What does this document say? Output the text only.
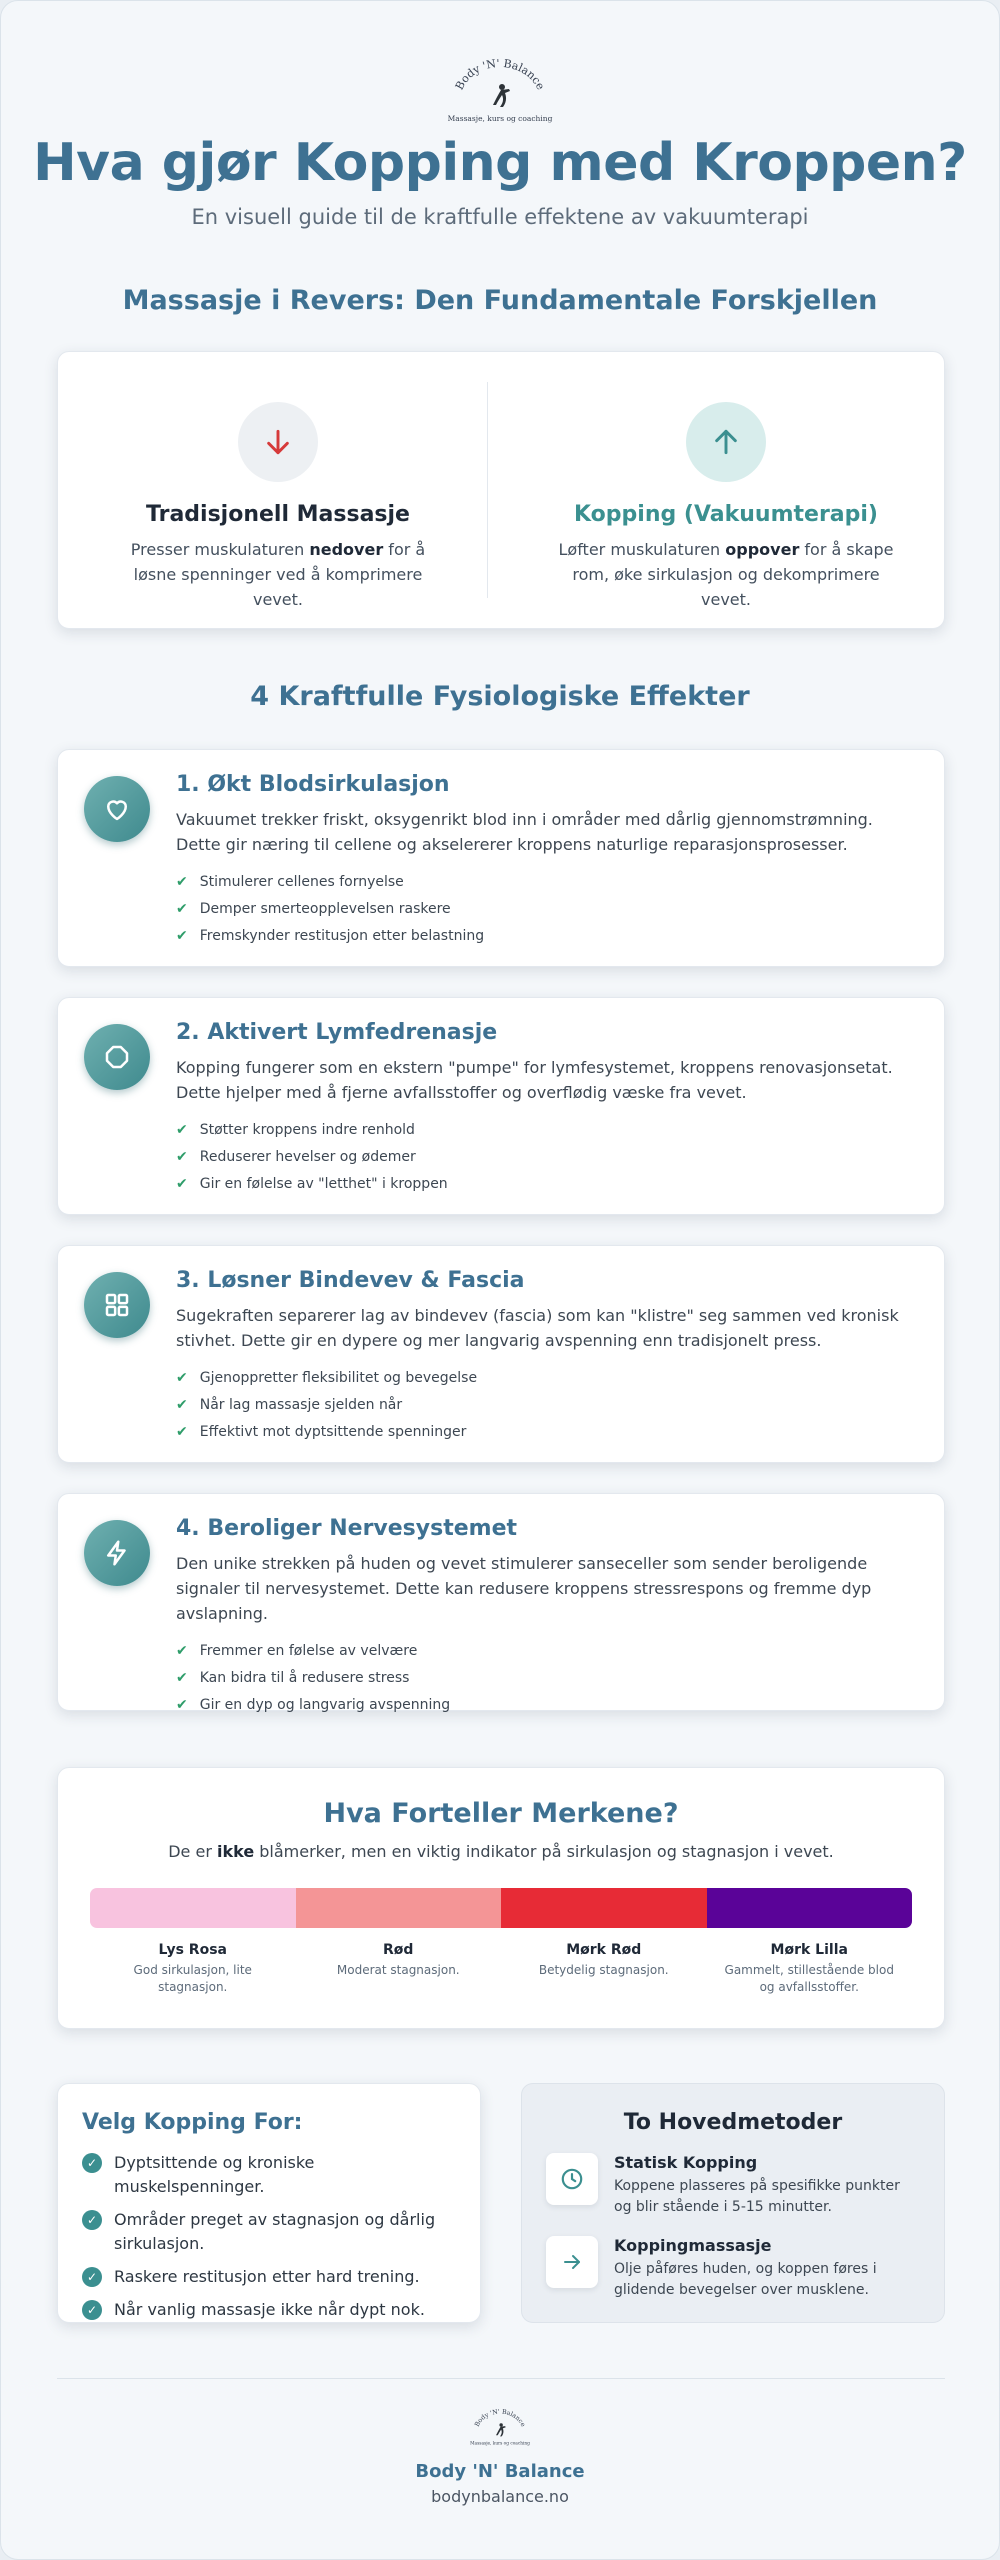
Body 'N' Balance
Massasje, kurs og coaching
Hva gjør Kopping med Kroppen?
En visuell guide til de kraftfulle effektene av vakuumterapi
Massasje i Revers: Den Fundamentale Forskjellen
Tradisjonell Massasje
Presser muskulaturen nedover for å løsne spenninger ved å komprimere vevet.
Kopping (Vakuumterapi)
Løfter muskulaturen oppover for å skape rom, øke sirkulasjon og dekomprimere vevet.
4 Kraftfulle Fysiologiske Effekter
1. Økt Blodsirkulasjon
Vakuumet trekker friskt, oksygenrikt blod inn i områder med dårlig gjennomstrømning. Dette gir næring til cellene og akselererer kroppens naturlige reparasjonsprosesser.
✔ Stimulerer cellenes fornyelse
✔ Demper smerteopplevelsen raskere
✔ Fremskynder restitusjon etter belastning
2. Aktivert Lymfedrenasje
Kopping fungerer som en ekstern "pumpe" for lymfesystemet, kroppens renovasjonsetat. Dette hjelper med å fjerne avfallsstoffer og overflødig væske fra vevet.
✔ Støtter kroppens indre renhold
✔ Reduserer hevelser og ødemer
✔ Gir en følelse av "letthet" i kroppen
3. Løsner Bindevev & Fascia
Sugekraften separerer lag av bindevev (fascia) som kan "klistre" seg sammen ved kronisk stivhet. Dette gir en dypere og mer langvarig avspenning enn tradisjonelt press.
✔ Gjenoppretter fleksibilitet og bevegelse
✔ Når lag massasje sjelden når
✔ Effektivt mot dyptsittende spenninger
4. Beroliger Nervesystemet
Den unike strekken på huden og vevet stimulerer sanseceller som sender beroligende signaler til nervesystemet. Dette kan redusere kroppens stressrespons og fremme dyp avslapning.
✔ Fremmer en følelse av velvære
✔ Kan bidra til å redusere stress
✔ Gir en dyp og langvarig avspenning
Hva Forteller Merkene?
De er ikke blåmerker, men en viktig indikator på sirkulasjon og stagnasjon i vevet.
Lys Rosa
God sirkulasjon, lite stagnasjon.
Rød
Moderat stagnasjon.
Mørk Rød
Betydelig stagnasjon.
Mørk Lilla
Gammelt, stillestående blod og avfallsstoffer.
Velg Kopping For:
✓	Dyptsittende og kroniske muskelspenninger.
✓	Områder preget av stagnasjon og dårlig sirkulasjon.
✓	Raskere restitusjon etter hard trening.
✓	Når vanlig massasje ikke når dypt nok.
To Hovedmetoder
Statisk Kopping
Koppene plasseres på spesifikke punkter og blir stående i 5-15 minutter.
Koppingmassasje
Olje påføres huden, og koppen føres i glidende bevegelser over musklene.
Body 'N' Balance
Massasje, kurs og coaching
Body 'N' Balance
bodynbalance.no
